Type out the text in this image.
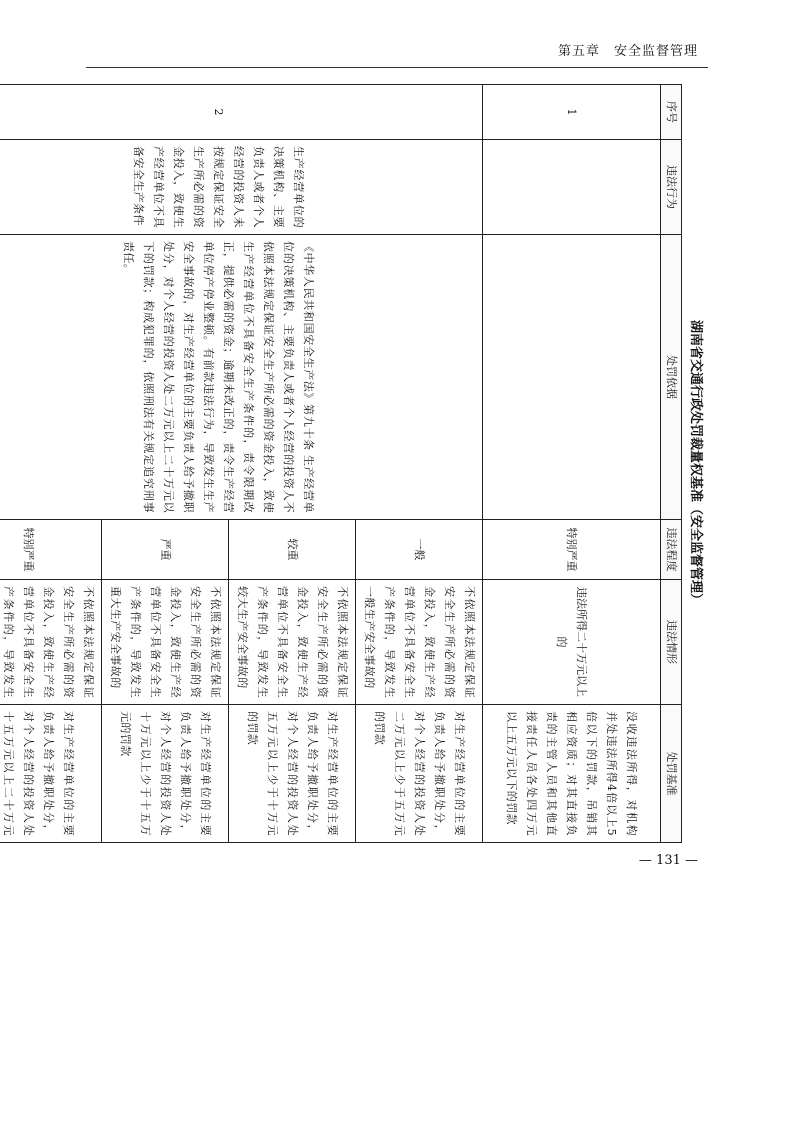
第五章　安全监督管理
湖南省交通行政处罚裁量权基准（安全监督管理）
序号	违法行为	处罚依据	违法程度	违法情形	处罚基准
1			特别严重	违法所得二十万元以上的	没收违法所得，对机构并处违法所得4倍以上5倍以下的罚款，吊销其相应资质；对其直接负责的主管人员和其他直接责任人员各处四万元以上五万元以下的罚款
2	生产经营单位的决策机构、主要负责人或者个人经营的投资人未按规定保证安全生产所必需的资金投入，致使生产经营单位不具备安全生产条件	《中华人民共和国安全生产法》第九十条 生产经营单位的决策机构、主要负责人或者个人经营的投资人不依照本法规定保证安全生产所必需的资金投入，致使生产经营单位不具备安全生产条件的，责令限期改正，提供必需的资金；逾期未改正的，责令生产经营单位停产停业整顿。有前款违法行为，导致发生生产安全事故的，对生产经营单位的主要负责人给予撤职处分，对个人经营的投资人处二万元以上二十万元以下的罚款；构成犯罪的，依照刑法有关规定追究刑事责任。	一般	不依照本法规定保证安全生产所必需的资金投入，致使生产经营单位不具备安全生产条件的，导致发生一般生产安全事故的	对生产经营单位的主要负责人给予撤职处分，对个人经营的投资人处二万元以上少于五万元的罚款
			较重	不依照本法规定保证安全生产所必需的资金投入，致使生产经营单位不具备安全生产条件的，导致发生较大生产安全事故的	对生产经营单位的主要负责人给予撤职处分，对个人经营的投资人处五万元以上少于十万元的罚款
			严重	不依照本法规定保证安全生产所必需的资金投入，致使生产经营单位不具备安全生产条件的，导致发生重大生产安全事故的	对生产经营单位的主要负责人给予撤职处分，对个人经营的投资人处十万元以上少于十五万元的罚款
			特别严重	不依照本法规定保证安全生产所必需的资金投入，致使生产经营单位不具备安全生产条件的，导致发生	对生产经营单位的主要负责人给予撤职处分，对个人经营的投资人处十五万元以上二十万元
— 131 —
